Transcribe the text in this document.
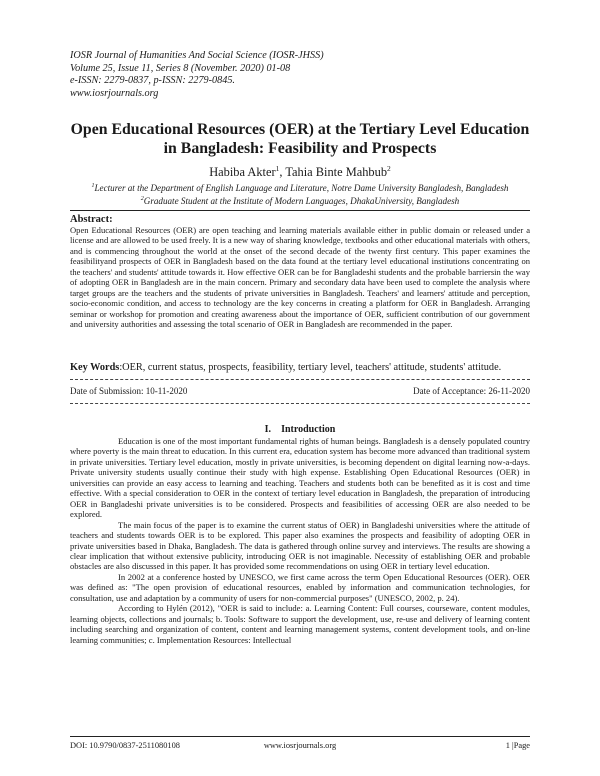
IOSR Journal of Humanities And Social Science (IOSR-JHSS)
Volume 25, Issue 11, Series 8 (November. 2020) 01-08
e-ISSN: 2279-0837, p-ISSN: 2279-0845.
www.iosrjournals.org
Open Educational Resources (OER) at the Tertiary Level Education
in Bangladesh: Feasibility and Prospects
Habiba Akter$^1$, Tahia Binte Mahbub$^2$
$^1$Lecturer at the Department of English Language and Literature, Notre Dame University Bangladesh, Bangladesh
$^2$Graduate Student at the Institute of Modern Languages, DhakaUniversity, Bangladesh
Abstract:
Open Educational Resources (OER) are open teaching and learning materials available either in public domain or released under a license and are allowed to be used freely. It is a new way of sharing knowledge, textbooks and other educational materials with others, and is commencing throughout the world at the onset of the second decade of the twenty first century. This paper examines the feasibilityand prospects of OER in Bangladesh based on the data found at the tertiary level educational institutions concentrating on the teachers' and students' attitude towards it. How effective OER can be for Bangladeshi students and the probable barriersin the way of adopting OER in Bangladesh are in the main concern. Primary and secondary data have been used to complete the analysis where target groups are the teachers and the students of private universities in Bangladesh. Teachers' and learners' attitude and perception, socio-economic condition, and access to technology are the key concerns in creating a platform for OER in Bangladesh. Arranging seminar or workshop for promotion and creating awareness about the importance of OER, sufficient contribution of our government and university authorities and assessing the total scenario of OER in Bangladesh are recommended in the paper.
Key Words:OER, current status, prospects, feasibility, tertiary level, teachers' attitude, students' attitude.
Date of Submission: 10-11-2020	Date of Acceptance: 26-11-2020
I. Introduction

Education is one of the most important fundamental rights of human beings. Bangladesh is a densely populated country where poverty is the main threat to education. In this current era, education system has become more advanced than traditional system in private universities. Tertiary level education, mostly in private universities, is becoming dependent on digital learning now-a-days. Private university students usually continue their study with high expense. Establishing Open Educational Resources (OER) in universities can provide an easy access to learning and teaching. Teachers and students both can be benefited as it is cost and time effective. With a special consideration to OER in the context of tertiary level education in Bangladesh, the preparation of introducing OER in Bangladeshi private universities is to be considered. Prospects and feasibilities of accessing OER are also needed to be explored.

The main focus of the paper is to examine the current status of OER) in Bangladeshi universities where the attitude of teachers and students towards OER is to be explored. This paper also examines the prospects and feasibility of adopting OER in private universities based in Dhaka, Bangladesh. The data is gathered through online survey and interviews. The results are showing a clear implication that without extensive publicity, introducing OER is not imaginable. Necessity of establishing OER and probable obstacles are also discussed in this paper. It has provided some recommendations on using OER in tertiary level education.

In 2002 at a conference hosted by UNESCO, we first came across the term Open Educational Resources (OER). OER was defined as: "The open provision of educational resources, enabled by information and communication technologies, for consultation, use and adaptation by a community of users for non-commercial purposes" (UNESCO, 2002, p. 24).

According to Hylén (2012), "OER is said to include: a. Learning Content: Full courses, courseware, content modules, learning objects, collections and journals; b. Tools: Software to support the development, use, re-use and delivery of learning content including searching and organization of content, content and learning management systems, content development tools, and on-line learning communities; c. Implementation Resources: Intellectual

DOI: 10.9790/0837-2511080108	www.iosrjournals.org	1 |Page
